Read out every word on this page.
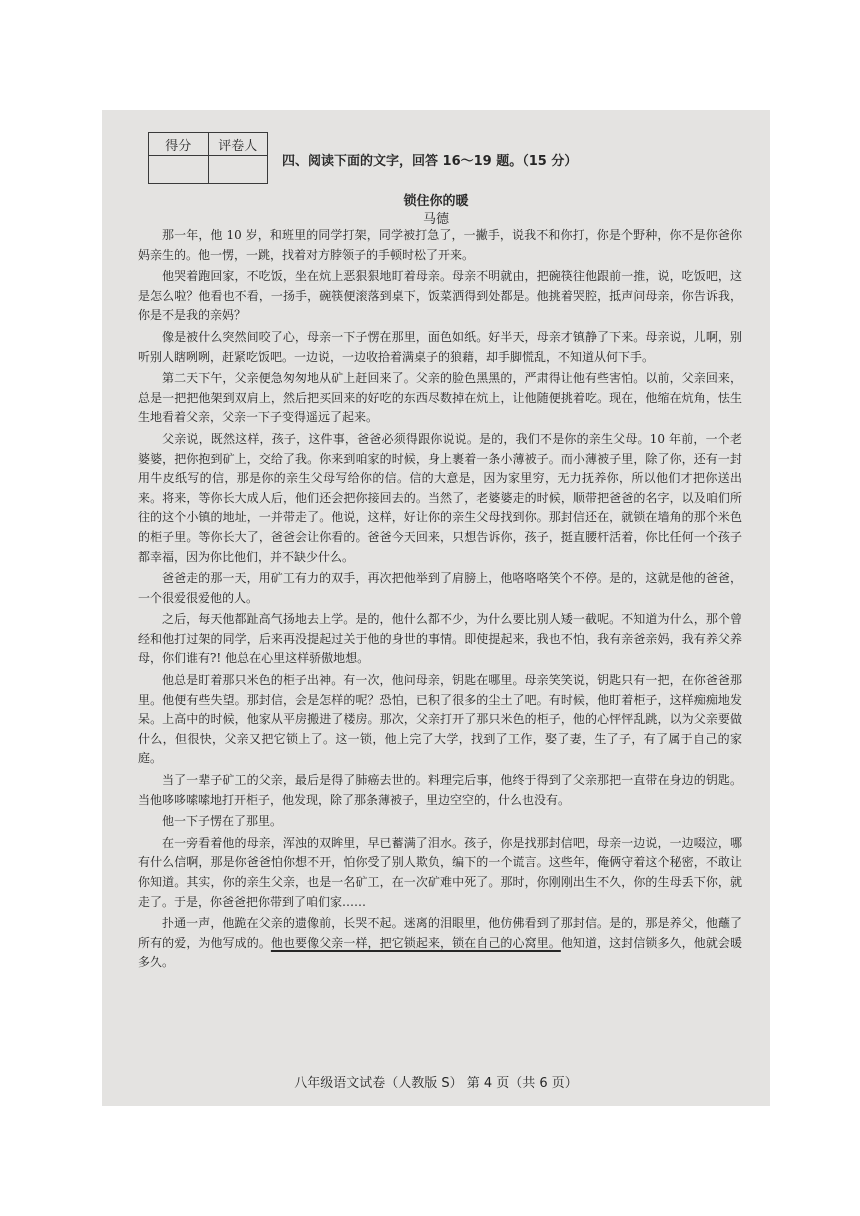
得分	评卷人

四、阅读下面的文字，回答 16～19 题。（15 分）
锁住你的暖
马德

那一年，他 10 岁，和班里的同学打架，同学被打急了，一撇手，说我不和你打，你是个野种，你不是你爸你妈亲生的。他一愣，一跳，找着对方脖领子的手顿时松了开来。

他哭着跑回家，不吃饭，坐在炕上恶狠狠地盯着母亲。母亲不明就由，把碗筷往他跟前一推，说，吃饭吧，这是怎么啦？他看也不看，一扬手，碗筷便滚落到桌下，饭菜洒得到处都是。他挑着哭腔，抵声问母亲，你告诉我，你是不是我的亲妈？

像是被什么突然间咬了心，母亲一下子愣在那里，面色如纸。好半天，母亲才镇静了下来。母亲说，儿啊，别听别人瞎咧咧，赶紧吃饭吧。一边说，一边收拾着满桌子的狼藉，却手脚慌乱，不知道从何下手。

第二天下午，父亲便急匆匆地从矿上赶回来了。父亲的脸色黑黑的，严肃得让他有些害怕。以前，父亲回来，总是一把把他架到双肩上，然后把买回来的好吃的东西尽数掉在炕上，让他随便挑着吃。现在，他缩在炕角，怯生生地看着父亲，父亲一下子变得遥远了起来。

父亲说，既然这样，孩子，这件事，爸爸必须得跟你说说。是的，我们不是你的亲生父母。10 年前，一个老婆婆，把你抱到矿上，交给了我。你来到咱家的时候，身上裹着一条小薄被子。而小薄被子里，除了你，还有一封用牛皮纸写的信，那是你的亲生父母写给你的信。信的大意是，因为家里穷，无力抚养你，所以他们才把你送出来。将来，等你长大成人后，他们还会把你接回去的。当然了，老婆婆走的时候，顺带把爸爸的名字，以及咱们所往的这个小镇的地址，一并带走了。他说，这样，好让你的亲生父母找到你。那封信还在，就锁在墙角的那个米色的柜子里。等你长大了，爸爸会让你看的。爸爸今天回来，只想告诉你，孩子，挺直腰杆活着，你比任何一个孩子都幸福，因为你比他们，并不缺少什么。

爸爸走的那一天，用矿工有力的双手，再次把他举到了肩膀上，他咯咯咯笑个不停。是的，这就是他的爸爸，一个很爱很爱他的人。

之后，每天他都趾高气扬地去上学。是的，他什么都不少，为什么要比别人矮一截呢。不知道为什么，那个曾经和他打过架的同学，后来再没提起过关于他的身世的事情。即使提起来，我也不怕，我有亲爸亲妈，我有养父养母，你们谁有?! 他总在心里这样骄傲地想。

他总是盯着那只米色的柜子出神。有一次，他问母亲，钥匙在哪里。母亲笑笑说，钥匙只有一把，在你爸爸那里。他便有些失望。那封信，会是怎样的呢？恐怕，已积了很多的尘土了吧。有时候，他盯着柜子，这样痴痴地发呆。上高中的时候，他家从平房搬进了楼房。那次，父亲打开了那只米色的柜子，他的心怦怦乱跳，以为父亲要做什么，但很快，父亲又把它锁上了。这一锁，他上完了大学，找到了工作，娶了妻，生了子，有了属于自己的家庭。

当了一辈子矿工的父亲，最后是得了肺癌去世的。料理完后事，他终于得到了父亲那把一直带在身边的钥匙。当他哆哆嗦嗦地打开柜子，他发现，除了那条薄被子，里边空空的，什么也没有。

他一下子愣在了那里。

在一旁看着他的母亲，浑浊的双眸里，早已蓄满了泪水。孩子，你是找那封信吧，母亲一边说，一边啜泣，哪有什么信啊，那是你爸爸怕你想不开，怕你受了别人欺负，编下的一个谎言。这些年，俺俩守着这个秘密，不敢让你知道。其实，你的亲生父亲，也是一名矿工，在一次矿难中死了。那时，你刚刚出生不久，你的生母丢下你，就走了。于是，你爸爸把你带到了咱们家……

扑通一声，他跪在父亲的遗像前，长哭不起。迷离的泪眼里，他仿佛看到了那封信。是的，那是养父，他蘸了所有的爱，为他写成的。他也要像父亲一样，把它锁起来，锁在自己的心窝里。他知道，这封信锁多久，他就会暖多久。

八年级语文试卷（人教版 S） 第 4 页（共 6 页）
